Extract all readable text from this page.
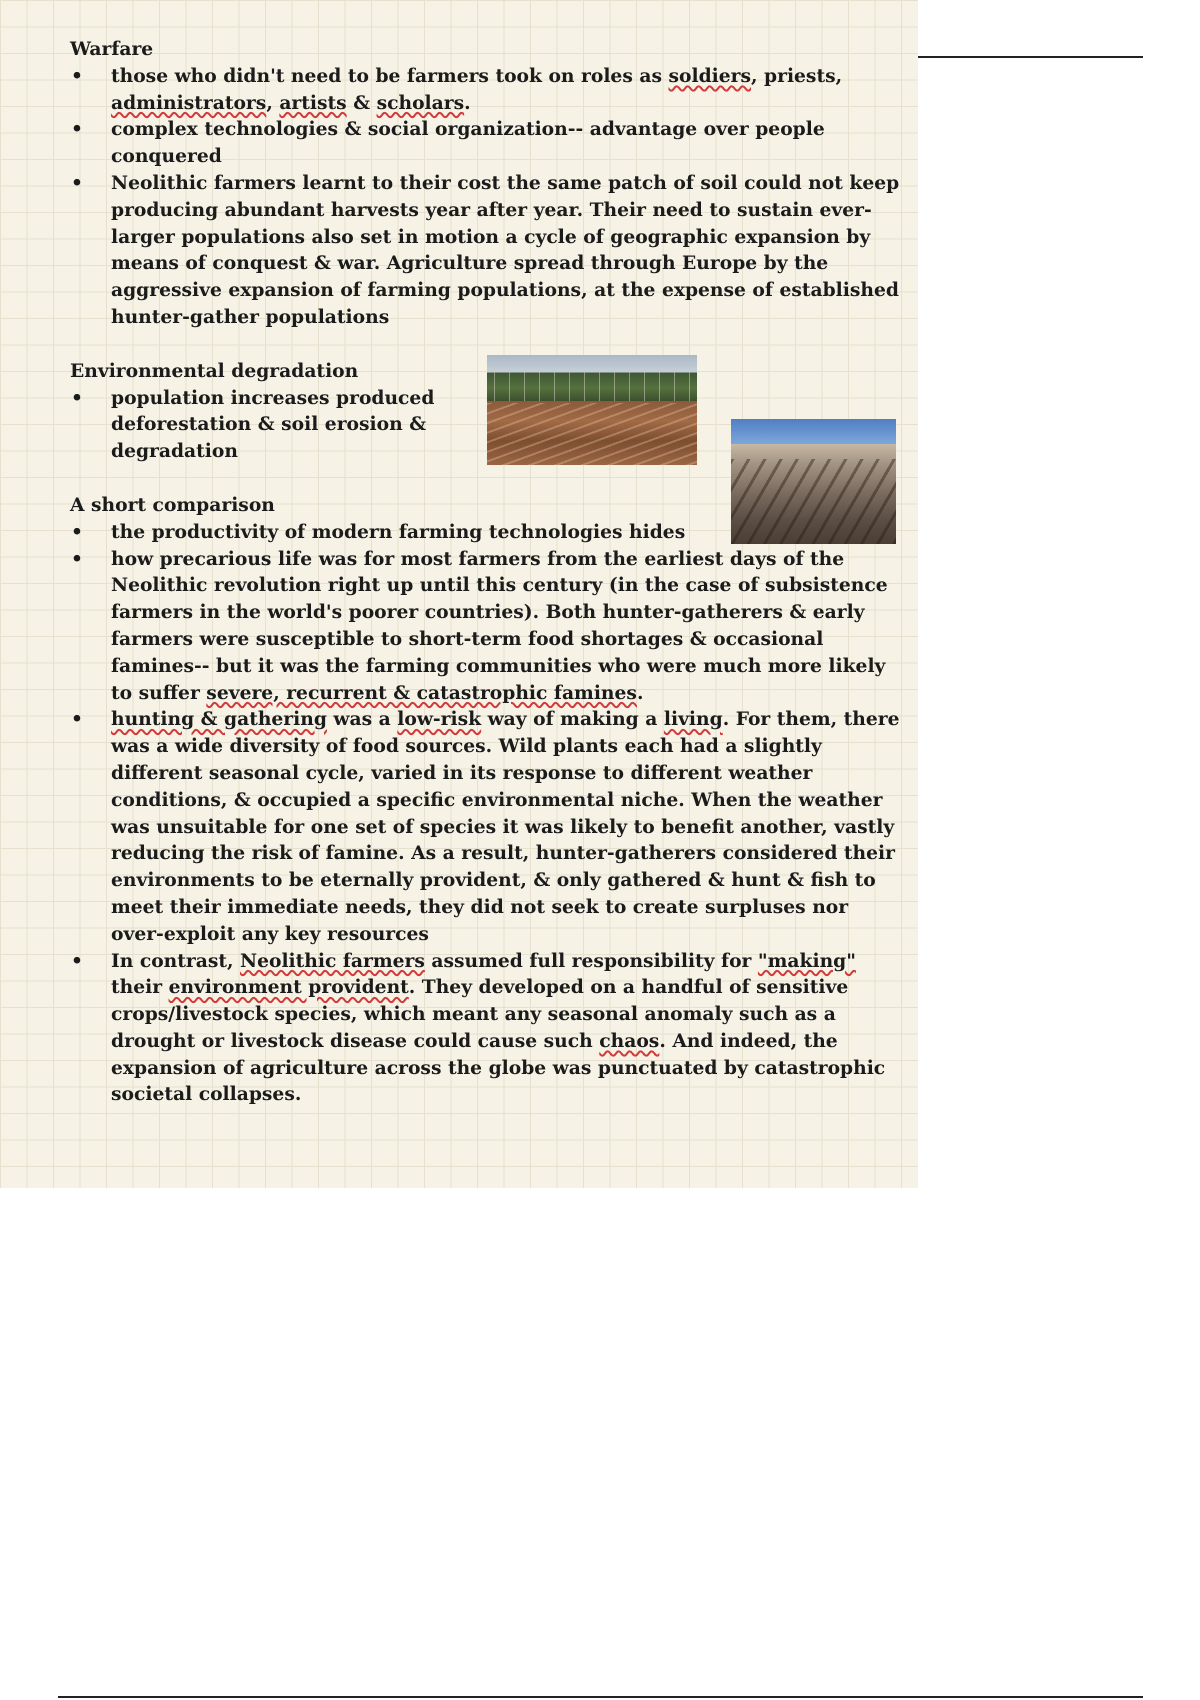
Warfare

• those who didn't need to be farmers took on roles as soldiers, priests, administrators, artists & scholars.
• complex technologies & social organization-- advantage over people conquered
• Neolithic farmers learnt to their cost the same patch of soil could not keep producing abundant harvests year after year. Their need to sustain ever-larger populations also set in motion a cycle of geographic expansion by means of conquest & war. Agriculture spread through Europe by the aggressive expansion of farming populations, at the expense of established hunter-gather populations

Environmental degradation

• population increases produced deforestation & soil erosion & degradation

A short comparison

• the productivity of modern farming technologies hides
• how precarious life was for most farmers from the earliest days of the Neolithic revolution right up until this century (in the case of subsistence farmers in the world's poorer countries). Both hunter-gatherers & early farmers were susceptible to short-term food shortages & occasional famines-- but it was the farming communities who were much more likely to suffer severe, recurrent & catastrophic famines.
• hunting & gathering was a low-risk way of making a living. For them, there was a wide diversity of food sources. Wild plants each had a slightly different seasonal cycle, varied in its response to different weather conditions, & occupied a specific environmental niche. When the weather was unsuitable for one set of species it was likely to benefit another, vastly reducing the risk of famine. As a result, hunter-gatherers considered their environments to be eternally provident, & only gathered & hunt & fish to meet their immediate needs, they did not seek to create surpluses nor over-exploit any key resources
• In contrast, Neolithic farmers assumed full responsibility for "making" their environment provident. They developed on a handful of sensitive crops/livestock species, which meant any seasonal anomaly such as a drought or livestock disease could cause such chaos. And indeed, the expansion of agriculture across the globe was punctuated by catastrophic societal collapses.
